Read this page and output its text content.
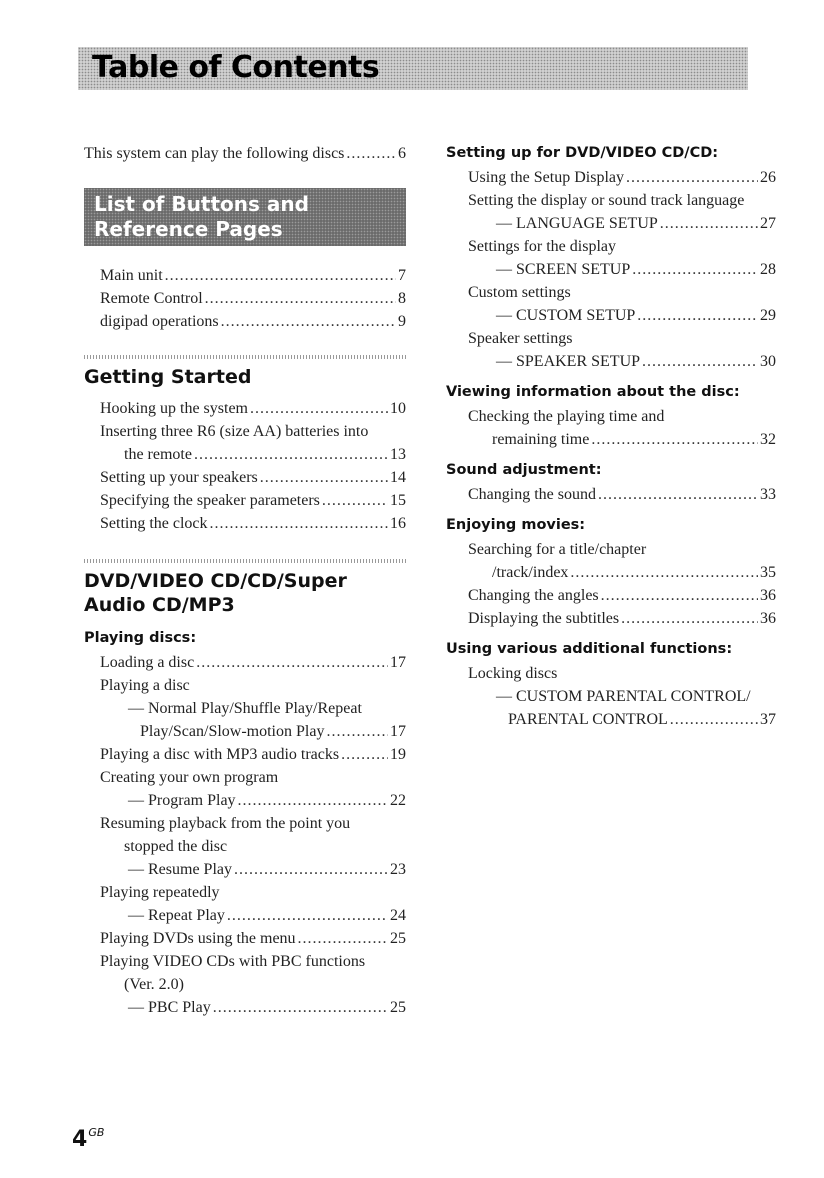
Table of Contents
This system can play the following discs .....	6
List of Buttons and
Reference Pages
Main unit .....	7
Remote Control .....	8
digipad operations .....	9
Getting Started
Hooking up the system .....	10
Inserting three R6 (size AA) batteries into
the remote .....	13
Setting up your speakers .....	14
Specifying the speaker parameters .....	15
Setting the clock .....	16
DVD/VIDEO CD/CD/Super
Audio CD/MP3
Playing discs:
Loading a disc .....	17
Playing a disc
— Normal Play/Shuffle Play/Repeat
Play/Scan/Slow-motion Play .....	17
Playing a disc with MP3 audio tracks .....	19
Creating your own program
— Program Play .....	22
Resuming playback from the point you
stopped the disc
— Resume Play .....	23
Playing repeatedly
— Repeat Play .....	24
Playing DVDs using the menu .....	25
Playing VIDEO CDs with PBC functions
(Ver. 2.0)
— PBC Play .....	25
Setting up for DVD/VIDEO CD/CD:
Using the Setup Display .....	26
Setting the display or sound track language
— LANGUAGE SETUP .....	27
Settings for the display
— SCREEN SETUP .....	28
Custom settings
— CUSTOM SETUP .....	29
Speaker settings
— SPEAKER SETUP .....	30
Viewing information about the disc:
Checking the playing time and
remaining time .....	32
Sound adjustment:
Changing the sound .....	33
Enjoying movies:
Searching for a title/chapter
/track/index .....	35
Changing the angles .....	36
Displaying the subtitles .....	36
Using various additional functions:
Locking discs
— CUSTOM PARENTAL CONTROL/
PARENTAL CONTROL .....	37
$4^{GB}$
